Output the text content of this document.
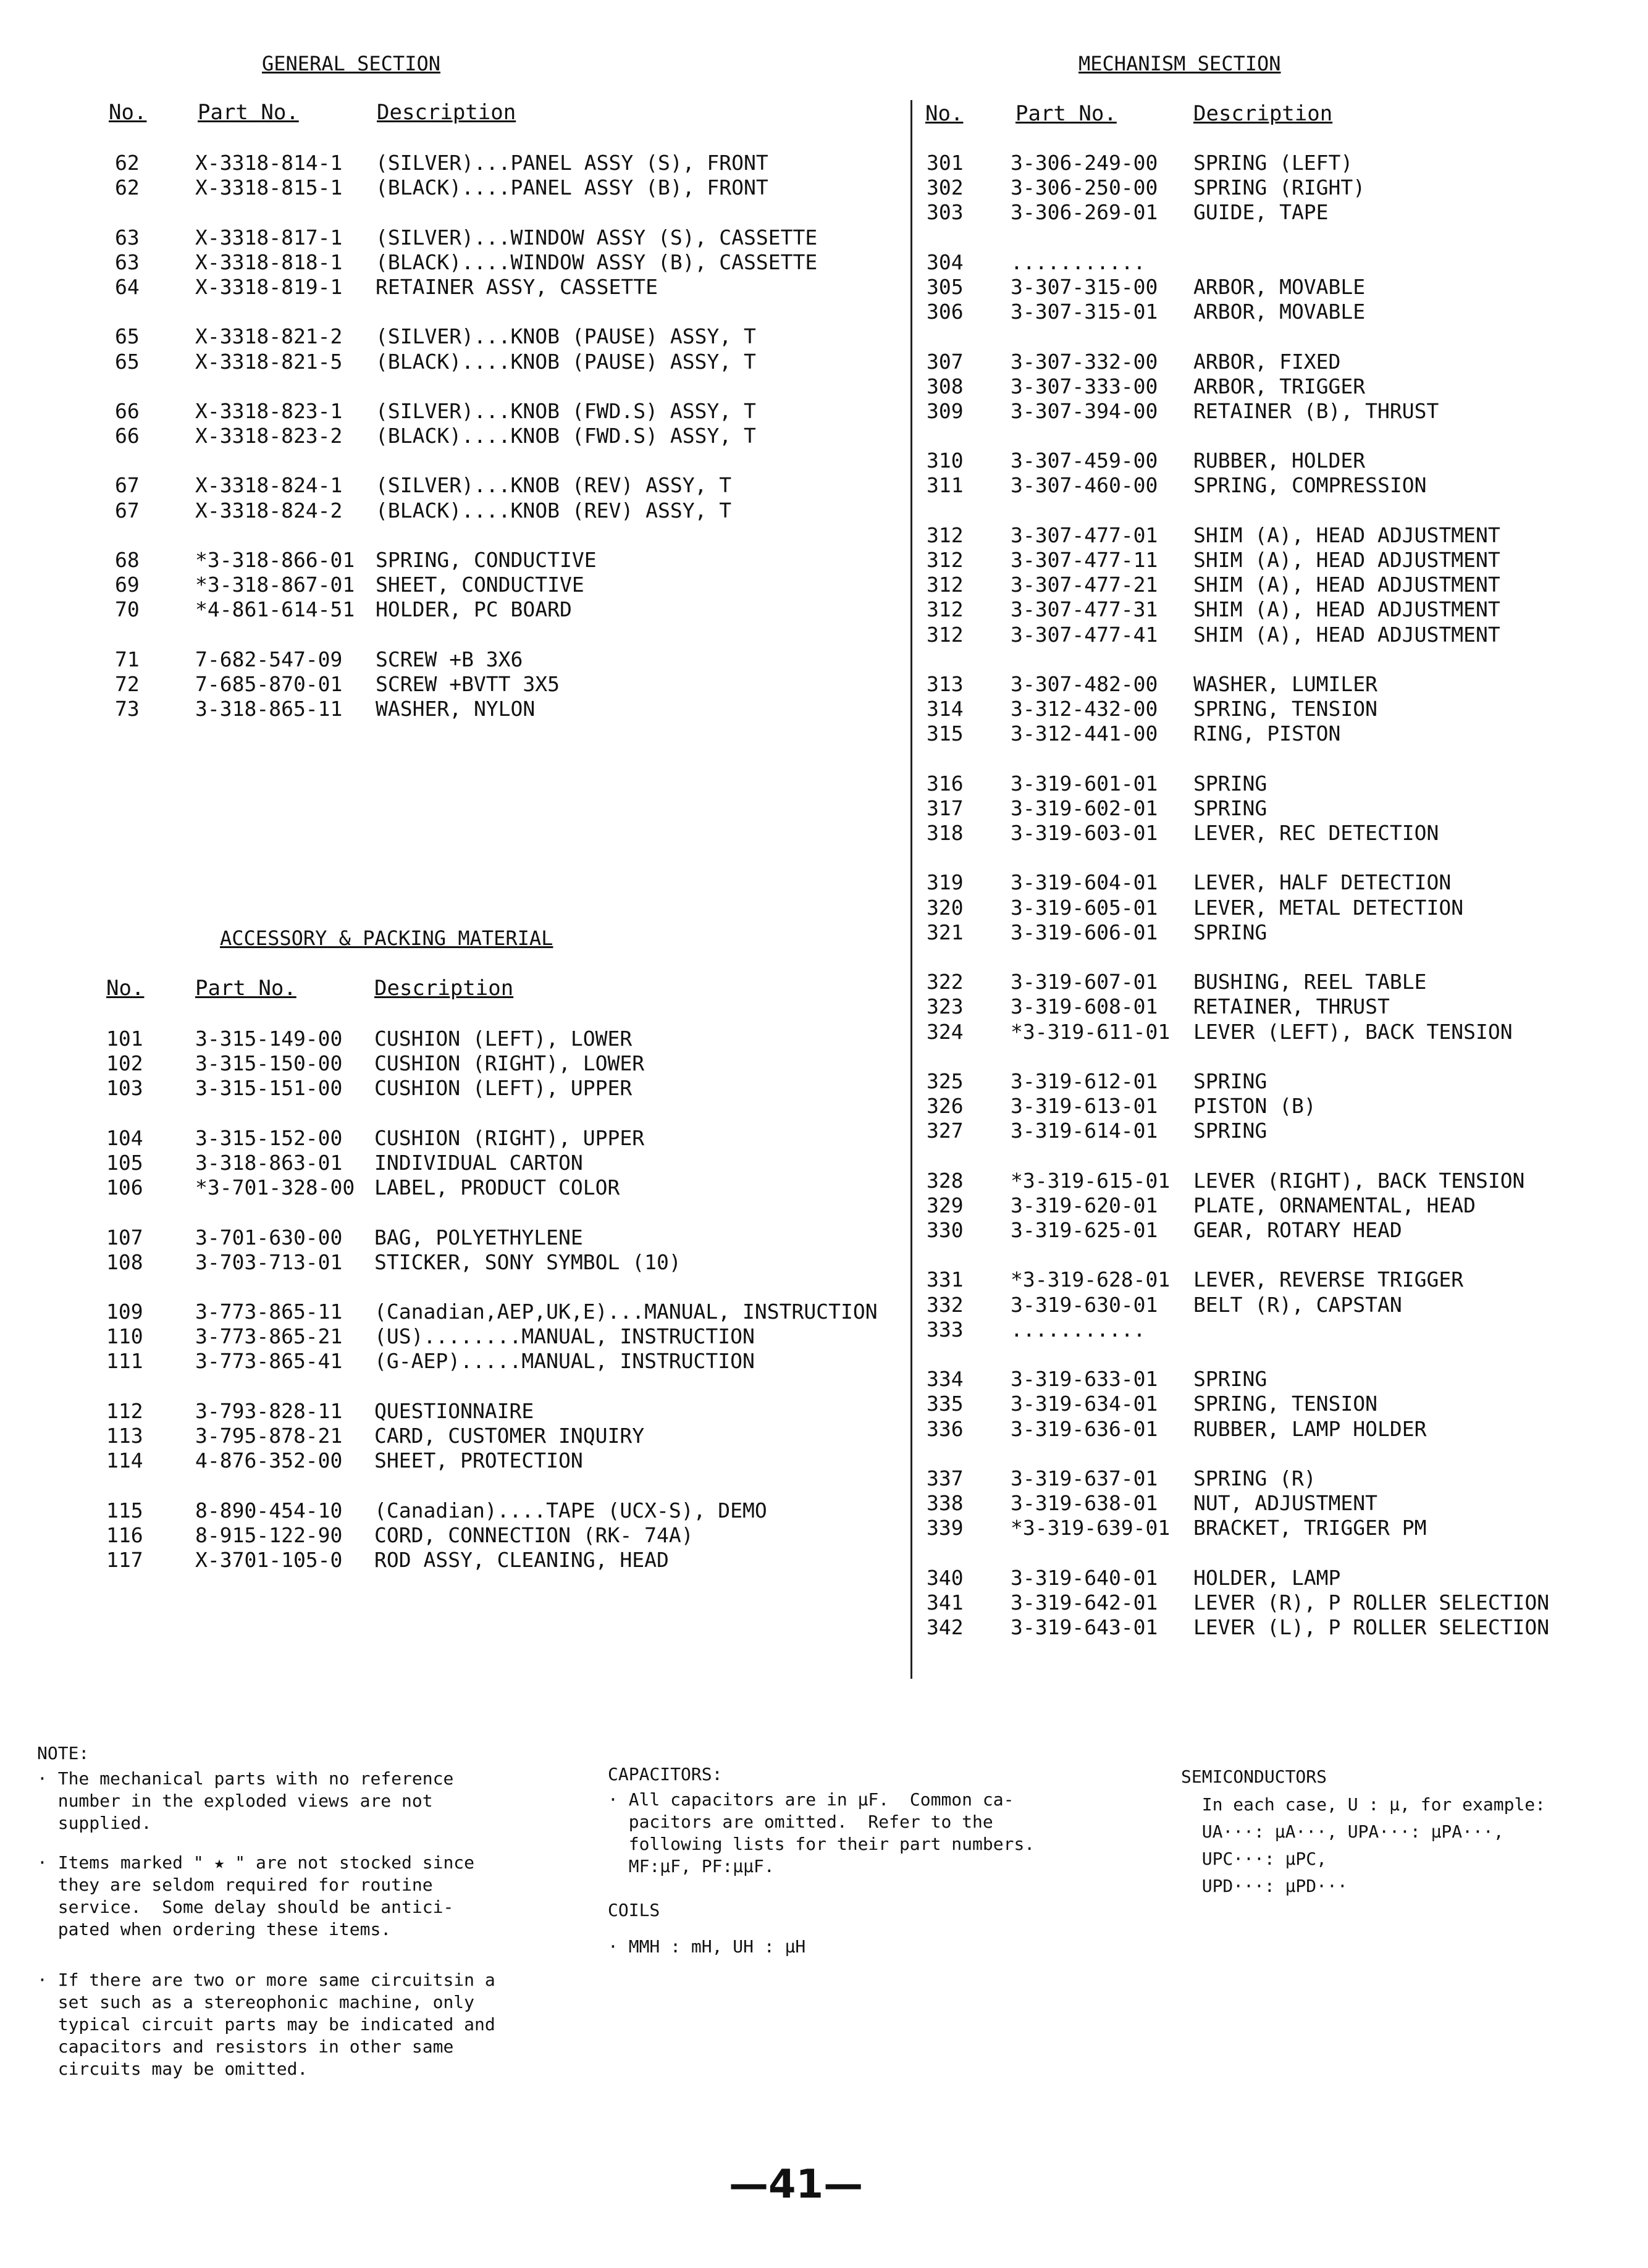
GENERAL SECTION
No. Part No.	Description
62	X-3318-814-1 (SILVER)...PANEL ASSY (S), FRONT
62	X-3318-815-1 (BLACK)....PANEL ASSY (B), FRONT
63	X-3318-817-1 (SILVER)...WINDOW ASSY (S), CASSETTE
63	X-3318-818-1 (BLACK)....WINDOW ASSY (B), CASSETTE
64	X-3318-819-1 RETAINER ASSY, CASSETTE
65	X-3318-821-2 (SILVER)...KNOB (PAUSE) ASSY, T
65	X-3318-821-5 (BLACK)....KNOB (PAUSE) ASSY, T
66	X-3318-823-1 (SILVER)...KNOB (FWD.S) ASSY, T
66	X-3318-823-2 (BLACK)....KNOB (FWD.S) ASSY, T
67	X-3318-824-1 (SILVER)...KNOB (REV) ASSY, T
67	X-3318-824-2 (BLACK)....KNOB (REV) ASSY, T
68	*3-318-866-01 SPRING, CONDUCTIVE
69	*3-318-867-01 SHEET, CONDUCTIVE
70	*4-861-614-51 HOLDER, PC BOARD
71	7-682-547-09 SCREW +B 3X6
72	7-685-870-01 SCREW +BVTT 3X5
73	3-318-865-11 WASHER, NYLON
ACCESSORY & PACKING MATERIAL
No. Part No.	Description
101	3-315-149-00 CUSHION (LEFT), LOWER
102	3-315-150-00 CUSHION (RIGHT), LOWER
103	3-315-151-00 CUSHION (LEFT), UPPER
104	3-315-152-00 CUSHION (RIGHT), UPPER
105	3-318-863-01 INDIVIDUAL CARTON
106	*3-701-328-00 LABEL, PRODUCT COLOR
107	3-701-630-00 BAG, POLYETHYLENE
108	3-703-713-01 STICKER, SONY SYMBOL (10)
109	3-773-865-11 (Canadian,AEP,UK,E)...MANUAL, INSTRUCTION
110	3-773-865-21 (US)........MANUAL, INSTRUCTION
111	3-773-865-41 (G-AEP).....MANUAL, INSTRUCTION
112	3-793-828-11 QUESTIONNAIRE
113	3-795-878-21 CARD, CUSTOMER INQUIRY
114	4-876-352-00 SHEET, PROTECTION
115	8-890-454-10 (Canadian)....TAPE (UCX-S), DEMO
116	8-915-122-90 CORD, CONNECTION (RK- 74A)
117	X-3701-105-0 ROD ASSY, CLEANING, HEAD
MECHANISM SECTION
No. Part No.	Description
301 3-306-249-00 SPRING (LEFT)
302 3-306-250-00 SPRING (RIGHT)
303 3-306-269-01 GUIDE, TAPE
304 ...........
305 3-307-315-00 ARBOR, MOVABLE
306 3-307-315-01 ARBOR, MOVABLE
307 3-307-332-00 ARBOR, FIXED
308 3-307-333-00 ARBOR, TRIGGER
309 3-307-394-00 RETAINER (B), THRUST
310 3-307-459-00 RUBBER, HOLDER
311 3-307-460-00 SPRING, COMPRESSION
312 3-307-477-01 SHIM (A), HEAD ADJUSTMENT
312 3-307-477-11 SHIM (A), HEAD ADJUSTMENT
312 3-307-477-21 SHIM (A), HEAD ADJUSTMENT
312 3-307-477-31 SHIM (A), HEAD ADJUSTMENT
312 3-307-477-41 SHIM (A), HEAD ADJUSTMENT
313 3-307-482-00 WASHER, LUMILER
314 3-312-432-00 SPRING, TENSION
315 3-312-441-00 RING, PISTON
316 3-319-601-01 SPRING
317 3-319-602-01 SPRING
318 3-319-603-01 LEVER, REC DETECTION
319 3-319-604-01 LEVER, HALF DETECTION
320 3-319-605-01 LEVER, METAL DETECTION
321 3-319-606-01 SPRING
322 3-319-607-01 BUSHING, REEL TABLE
323 3-319-608-01 RETAINER, THRUST
324 *3-319-611-01 LEVER (LEFT), BACK TENSION
325 3-319-612-01 SPRING
326 3-319-613-01 PISTON (B)
327 3-319-614-01 SPRING
328 *3-319-615-01 LEVER (RIGHT), BACK TENSION
329 3-319-620-01 PLATE, ORNAMENTAL, HEAD
330 3-319-625-01 GEAR, ROTARY HEAD
331 *3-319-628-01 LEVER, REVERSE TRIGGER
332 3-319-630-01 BELT (R), CAPSTAN
333 ...........
334 3-319-633-01 SPRING
335 3-319-634-01 SPRING, TENSION
336 3-319-636-01 RUBBER, LAMP HOLDER
337 3-319-637-01 SPRING (R)
338 3-319-638-01 NUT, ADJUSTMENT
339 *3-319-639-01 BRACKET, TRIGGER PM
340 3-319-640-01 HOLDER, LAMP
341 3-319-642-01 LEVER (R), P ROLLER SELECTION
342 3-319-643-01 LEVER (L), P ROLLER SELECTION
NOTE:
· The mechanical parts with no reference
number in the exploded views are not
supplied.
· Items marked " ★ " are not stocked since
they are seldom required for routine
service.  Some delay should be antici-
pated when ordering these items.
· If there are two or more same circuitsin a
set such as a stereophonic machine, only
typical circuit parts may be indicated and
capacitors and resistors in other same
circuits may be omitted.
CAPACITORS:
· All capacitors are in μF.  Common ca-
pacitors are omitted.  Refer to the
following lists for their part numbers.
MF:μF, PF:μμF.
COILS
· MMH : mH, UH : μH
SEMICONDUCTORS
In each case, U : μ, for example:
UA···: μA···, UPA···: μPA···,
UPC···: μPC,
UPD···: μPD···
—41—
